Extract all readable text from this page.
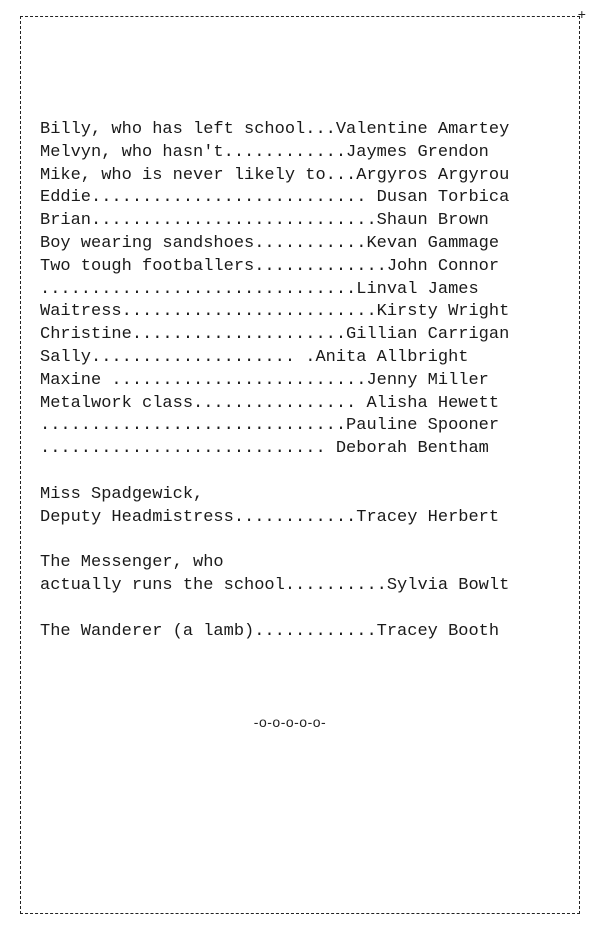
+

Billy, who has left school...Valentine Amartey

Melvyn, who hasn't............Jaymes Grendon

Mike, who is never likely to...Argyros Argyrou

Eddie........................... Dusan Torbica

Brian............................Shaun Brown

Boy wearing sandshoes...........Kevan Gammage

Two tough footballers.............John Connor

...............................Linval James

Waitress.........................Kirsty Wright

Christine.....................Gillian Carrigan

Sally.................... .Anita Allbright

Maxine .........................Jenny Miller

Metalwork class................ Alisha Hewett

..............................Pauline Spooner

............................ Deborah Bentham

Miss Spadgewick,

Deputy Headmistress............Tracey Herbert

The Messenger, who

actually runs the school..........Sylvia Bowlt

The Wanderer (a lamb)............Tracey Booth

-o-o-o-o-o-
